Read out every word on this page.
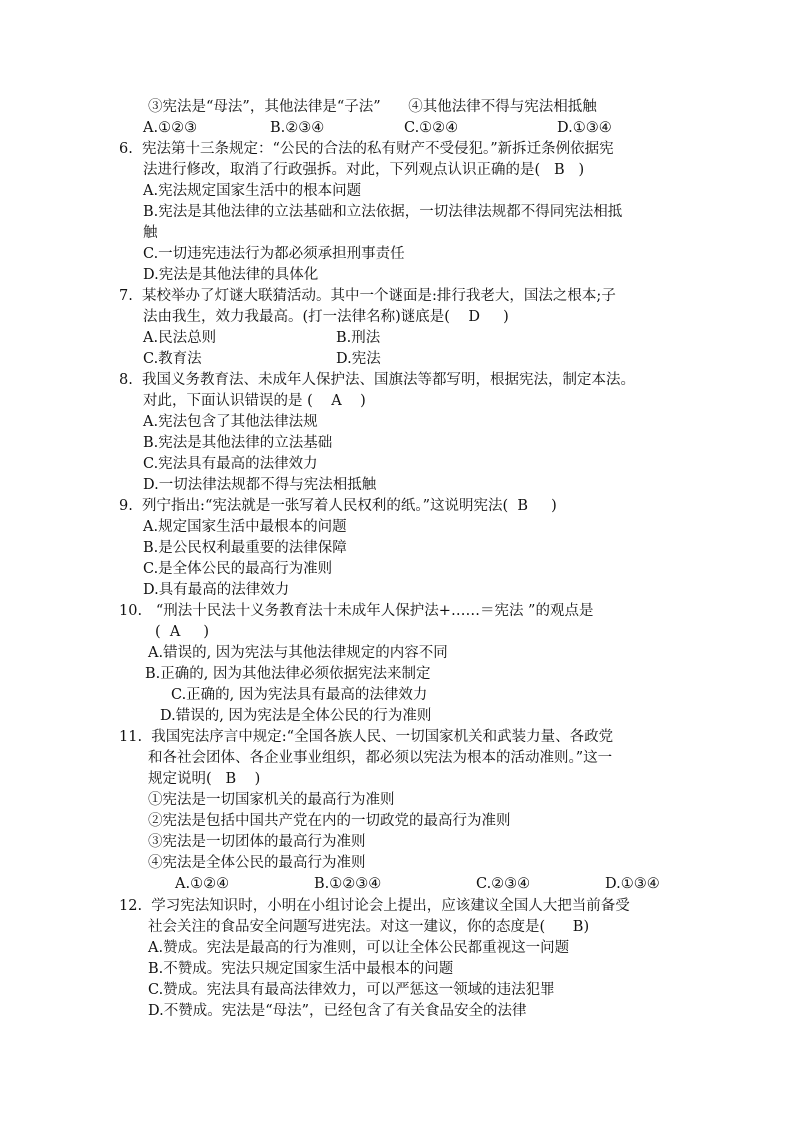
③宪法是“母法”，其他法律是“子法”      ④其他法律不得与宪法相抵触

A.①②③

	B.②③④

	C.①②④

	D.①③④

6.  宪法第十三条规定：“公民的合法的私有财产不受侵犯。”新拆迁条例依据宪
法进行修改，取消了行政强拆。对此，下列观点认识正确的是(   B   )
A.宪法规定国家生活中的根本问题
B.宪法是其他法律的立法基础和立法依据，一切法律法规都不得同宪法相抵
触
C.一切违宪违法行为都必须承担刑事责任
D.宪法是其他法律的具体化
7.  某校举办了灯谜大联猜活动。其中一个谜面是:排行我老大，国法之根本;子
法由我生，效力我最高。(打一法律名称)谜底是(    D     )

A.民法总则

	B.刑法

C.教育法

	D.宪法

8.  我国义务教育法、未成年人保护法、国旗法等都写明，根据宪法，制定本法。
对此，下面认识错误的是 (    A    )
A.宪法包含了其他法律法规
B.宪法是其他法律的立法基础
C.宪法具有最高的法律效力
D.一切法律法规都不得与宪法相抵触
9.  列宁指出:“宪法就是一张写着人民权利的纸。”这说明宪法(  B     )
A.规定国家生活中最根本的问题
B.是公民权利最重要的法律保障
C.是全体公民的最高行为准则
D.具有最高的法律效力
10.   “刑法十民法十义务教育法十未成年人保护法+……＝宪法 ”的观点是
(  A     )
A.错误的, 因为宪法与其他法律规定的内容不同
B.正确的, 因为其他法律必须依据宪法来制定
C.正确的, 因为宪法具有最高的法律效力
D.错误的, 因为宪法是全体公民的行为准则
11.  我国宪法序言中规定:“全国各族人民、一切国家机关和武装力量、各政党
和各社会团体、各企业事业组织，都必须以宪法为根本的活动准则。”这一
规定说明(   B    )
①宪法是一切国家机关的最高行为准则
②宪法是包括中国共产党在内的一切政党的最高行为准则
③宪法是一切团体的最高行为准则
④宪法是全体公民的最高行为准则

A.①②④

	B.①②③④

	C.②③④

	D.①③④

12.  学习宪法知识时，小明在小组讨论会上提出，应该建议全国人大把当前备受
社会关注的食品安全问题写进宪法。对这一建议，你的态度是(      B)
A.赞成。宪法是最高的行为准则，可以让全体公民都重视这一问题
B.不赞成。宪法只规定国家生活中最根本的问题
C.赞成。宪法具有最高法律效力，可以严惩这一领域的违法犯罪
D.不赞成。宪法是“母法”，已经包含了有关食品安全的法律
